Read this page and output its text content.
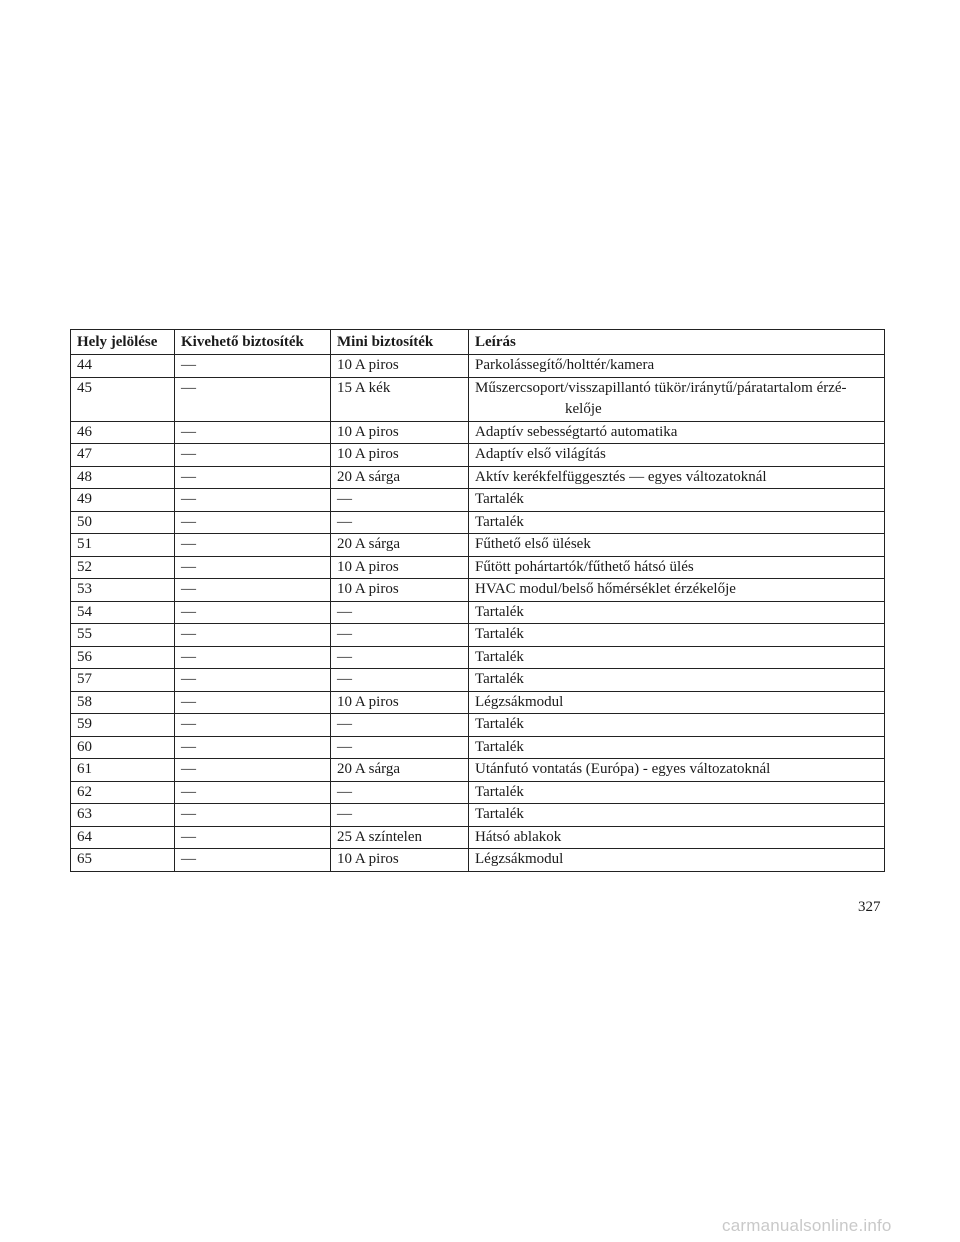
Hely jelölése	Kivehető biztosíték	Mini biztosíték	Leírás
44	—	10 A piros	Parkolássegítő/holttér/kamera
45	—	15 A kék	Műszercsoport/visszapillantó tükör/iránytű/páratartalom érzé-
kelője

46	—	10 A piros	Adaptív sebességtartó automatika
47	—	10 A piros	Adaptív első világítás
48	—	20 A sárga	Aktív kerékfelfüggesztés — egyes változatoknál
49	—	—	Tartalék
50	—	—	Tartalék
51	—	20 A sárga	Fűthető első ülések
52	—	10 A piros	Fűtött pohártartók/fűthető hátsó ülés
53	—	10 A piros	HVAC modul/belső hőmérséklet érzékelője
54	—	—	Tartalék
55	—	—	Tartalék
56	—	—	Tartalék
57	—	—	Tartalék
58	—	10 A piros	Légzsákmodul
59	—	—	Tartalék
60	—	—	Tartalék
61	—	20 A sárga	Utánfutó vontatás (Európa) - egyes változatoknál
62	—	—	Tartalék
63	—	—	Tartalék
64	—	25 A színtelen	Hátsó ablakok
65	—	10 A piros	Légzsákmodul
327
carmanualsonline.info
